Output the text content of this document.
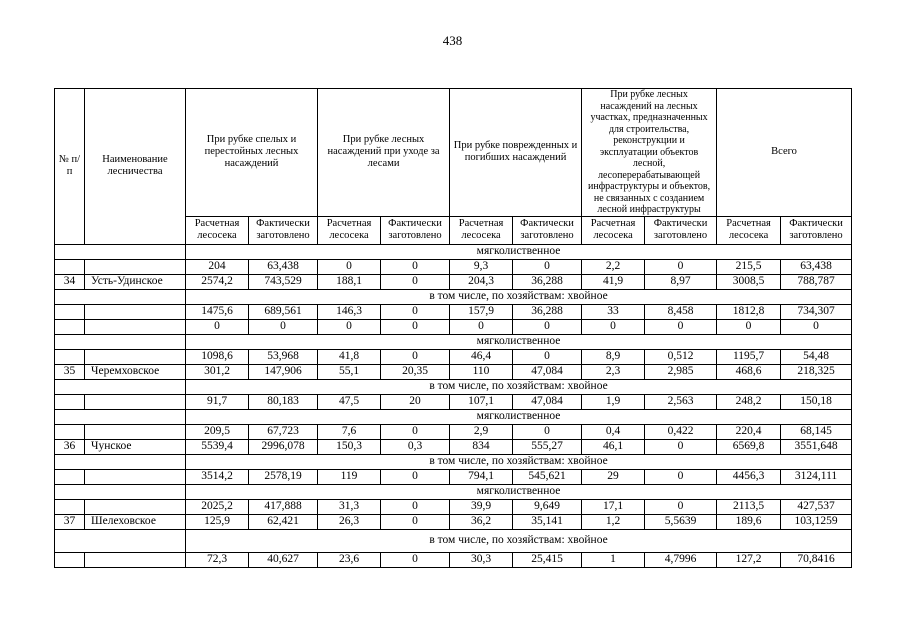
438
№ п/п	Наименование лесничества	При рубке спелых и перестойных лесных насаждений		При рубке лесных насаждений при уходе за лесами		При рубке поврежденных и погибших насаждений		При рубке лесных насаждений на лесных участках, предназначенных для строительства, реконструкции и эксплуатации объектов лесной, лесоперерабатывающей инфраструктуры и объектов, не связанных с созданием лесной инфраструктуры		Всего	
		Расчетная лесосека	Фактически заготовлено	Расчетная лесосека	Фактически заготовлено	Расчетная лесосека	Фактически заготовлено	Расчетная лесосека	Фактически заготовлено	Расчетная лесосека	Фактически заготовлено
		мягколиственное									
		204	63,438	0	0	9,3	0	2,2	0	215,5	63,438
34	Усть-Удинское	2574,2	743,529	188,1	0	204,3	36,288	41,9	8,97	3008,5	788,787
		в том числе, по хозяйствам: хвойное									
		1475,6	689,561	146,3	0	157,9	36,288	33	8,458	1812,8	734,307
		0	0	0	0	0	0	0	0	0	0
		мягколиственное									
		1098,6	53,968	41,8	0	46,4	0	8,9	0,512	1195,7	54,48
35	Черемховское	301,2	147,906	55,1	20,35	110	47,084	2,3	2,985	468,6	218,325
		в том числе, по хозяйствам: хвойное									
		91,7	80,183	47,5	20	107,1	47,084	1,9	2,563	248,2	150,18
		мягколиственное									
		209,5	67,723	7,6	0	2,9	0	0,4	0,422	220,4	68,145
36	Чунское	5539,4	2996,078	150,3	0,3	834	555,27	46,1	0	6569,8	3551,648
		в том числе, по хозяйствам: хвойное									
		3514,2	2578,19	119	0	794,1	545,621	29	0	4456,3	3124,111
		мягколиственное									
		2025,2	417,888	31,3	0	39,9	9,649	17,1	0	2113,5	427,537
37	Шелеховское	125,9	62,421	26,3	0	36,2	35,141	1,2	5,5639	189,6	103,1259
		в том числе, по хозяйствам: хвойное									
		72,3	40,627	23,6	0	30,3	25,415	1	4,7996	127,2	70,8416
